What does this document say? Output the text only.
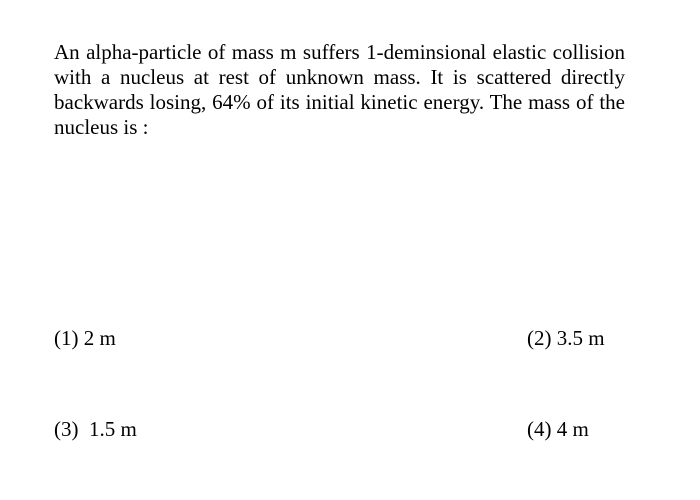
An alpha-particle of mass m suffers 1-deminsional elastic collision with a nucleus at rest of unknown mass. It is scattered directly backwards losing, 64% of its initial kinetic energy. The mass of the nucleus is :

(1) 2 m	(2) 3.5 m
(3)  1.5 m	(4) 4 m
